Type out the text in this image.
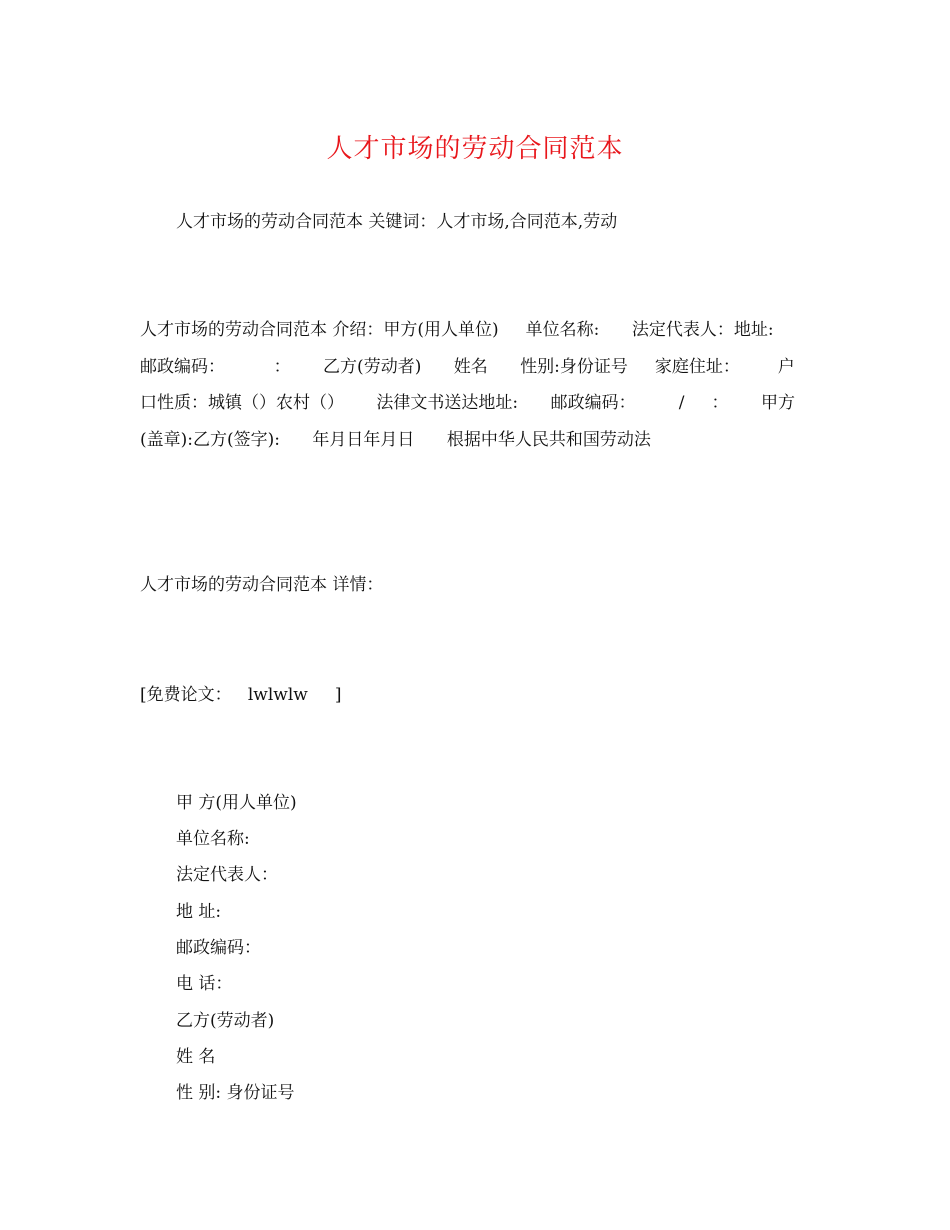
人才市场的劳动合同范本
人才市场的劳动合同范本 关键词：人才市场,合同范本,劳动
人才市场的劳动合同范本 介绍：甲方(用人单位)     单位名称:      法定代表人：地址:      邮政编码：         ：      乙方(劳动者)      姓名      性别:身份证号     家庭住址：       户口性质：城镇（）农村（）      法律文书送达地址:      邮政编码：        /     ：      甲方(盖章):乙方(签字):      年月日年月日      根据中华人民共和国劳动法
人才市场的劳动合同范本 详情：
[免费论文：   lwlwlw     ]
甲 方(用人单位)
单位名称:
法定代表人：
地 址:
邮政编码：
电 话：
乙方(劳动者)
姓 名
性 别: 身份证号
